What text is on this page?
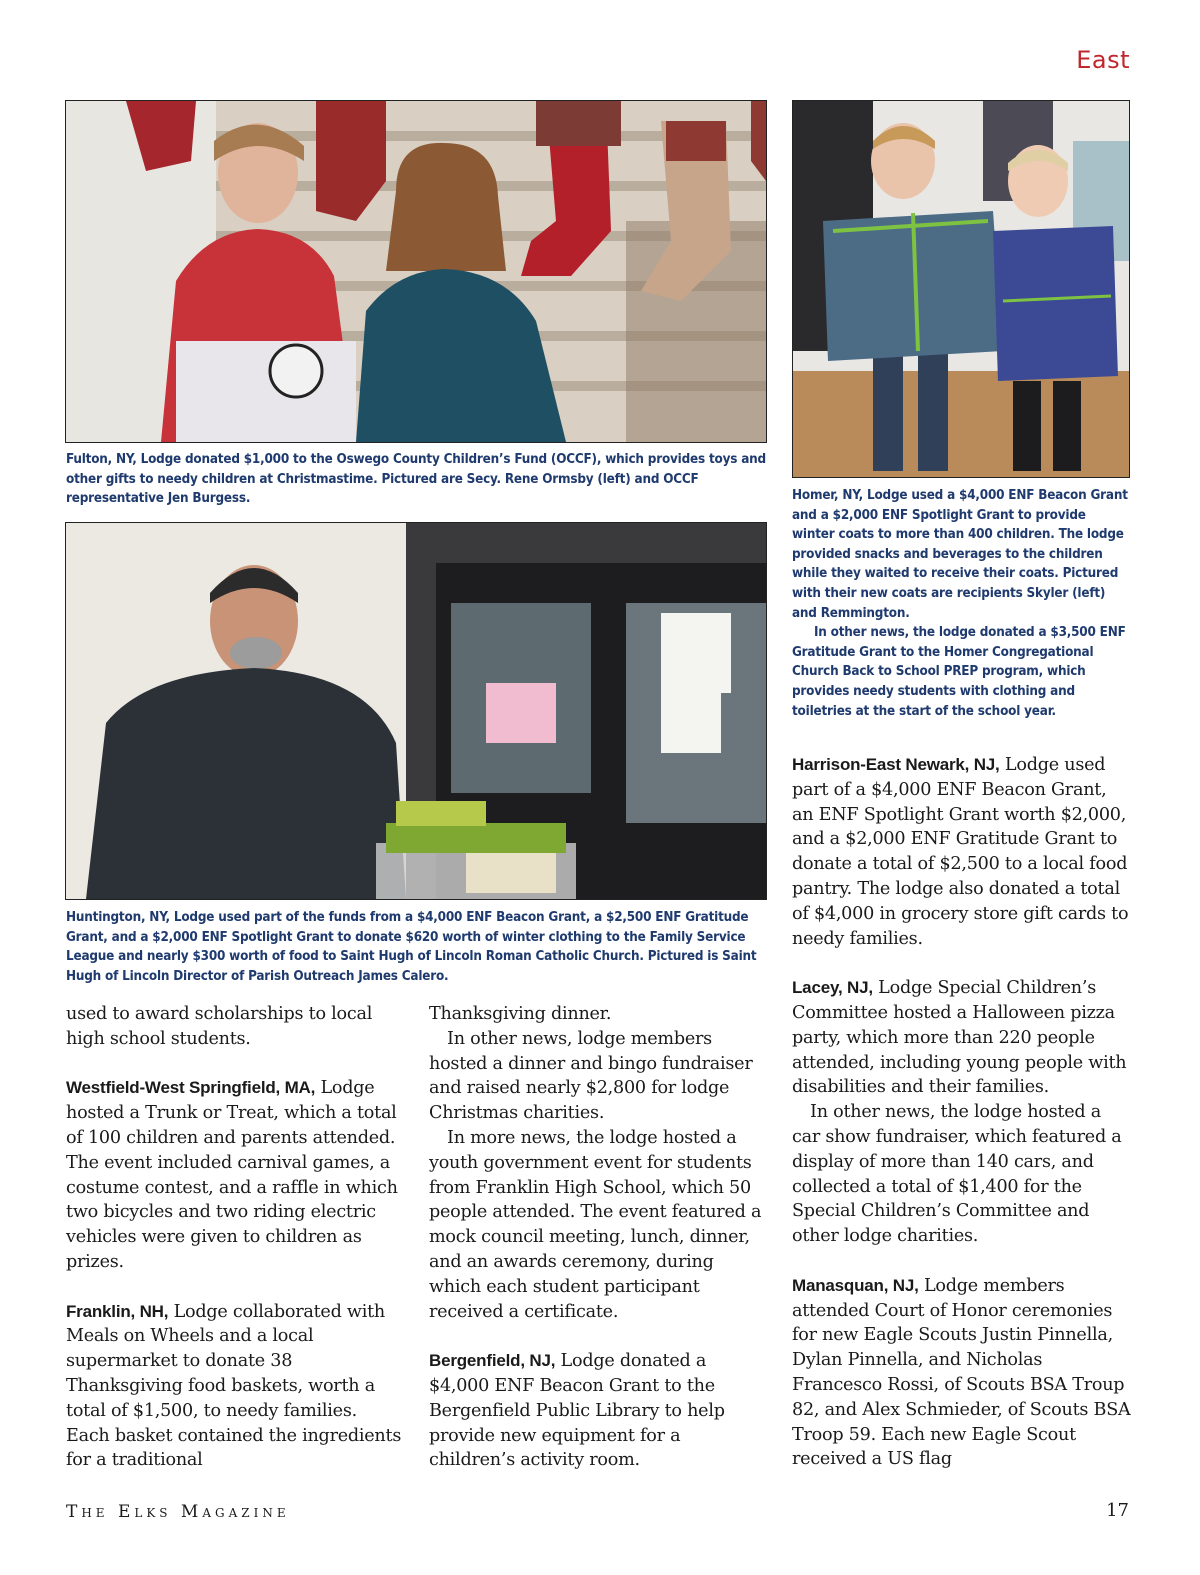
East
Fulton, NY, Lodge donated $1,000 to the Oswego County Children’s Fund (OCCF), which provides toys and other gifts to needy children at Christmastime. Pictured are Secy. Rene Ormsby (left) and OCCF representative Jen Burgess.	Homer, NY, Lodge used a $4,000 ENF Beacon Grant and a $2,000 ENF Spotlight Grant to provide winter coats to more than 400 children. The lodge provided snacks and beverages to the children while they waited to receive their coats. Pictured with their new coats are recipients Skyler (left) and Remmington.

In other news, the lodge donated a $3,500 ENF Gratitude Grant to the Homer Congregational Church Back to School PREP program, which provides needy students with clothing and toiletries at the start of the school year.

Huntington, NY, Lodge used part of the funds from a $4,000 ENF Beacon Grant, a $2,500 ENF Gratitude Grant, and a $2,000 ENF Spotlight Grant to donate $620 worth of winter clothing to the Family Service League and nearly $300 worth of food to Saint Hugh of Lincoln Roman Catholic Church. Pictured is Saint Hugh of Lincoln Director of Parish Outreach James Calero.

used to award scholarships to local high school students.

Westfield-West Springfield, MA, Lodge hosted a Trunk or Treat, which a total of 100 children and parents attended. The event included carnival games, a costume contest, and a raffle in which two bicycles and two riding electric vehicles were given to children as prizes.

Franklin, NH, Lodge collaborated with Meals on Wheels and a local supermarket to donate 38 Thanksgiving food baskets, worth a total of $1,500, to needy families. Each basket contained the ingredients for a traditional

Thanksgiving dinner.

In other news, lodge members hosted a dinner and bingo fundraiser and raised nearly $2,800 for lodge Christmas charities.

In more news, the lodge hosted a youth government event for students from Franklin High School, which 50 people attended. The event featured a mock council meeting, lunch, dinner, and an awards ceremony, during which each student participant received a certificate.

Bergenfield, NJ, Lodge donated a $4,000 ENF Beacon Grant to the Bergenfield Public Library to help provide new equipment for a children’s activity room.

Harrison-East Newark, NJ, Lodge used part of a $4,000 ENF Beacon Grant, an ENF Spotlight Grant worth $2,000, and a $2,000 ENF Gratitude Grant to donate a total of $2,500 to a local food pantry. The lodge also donated a total of $4,000 in grocery store gift cards to needy families.

Lacey, NJ, Lodge Special Children’s Committee hosted a Halloween pizza party, which more than 220 people attended, including young people with disabilities and their families.

In other news, the lodge hosted a car show fundraiser, which featured a display of more than 140 cars, and collected a total of $1,400 for the Special Children’s Committee and other lodge charities.

Manasquan, NJ, Lodge members attended Court of Honor ceremonies for new Eagle Scouts Justin Pinnella, Dylan Pinnella, and Nicholas Francesco Rossi, of Scouts BSA Troup 82, and Alex Schmieder, of Scouts BSA Troop 59. Each new Eagle Scout received a US flag

The Elks Magazine	17
